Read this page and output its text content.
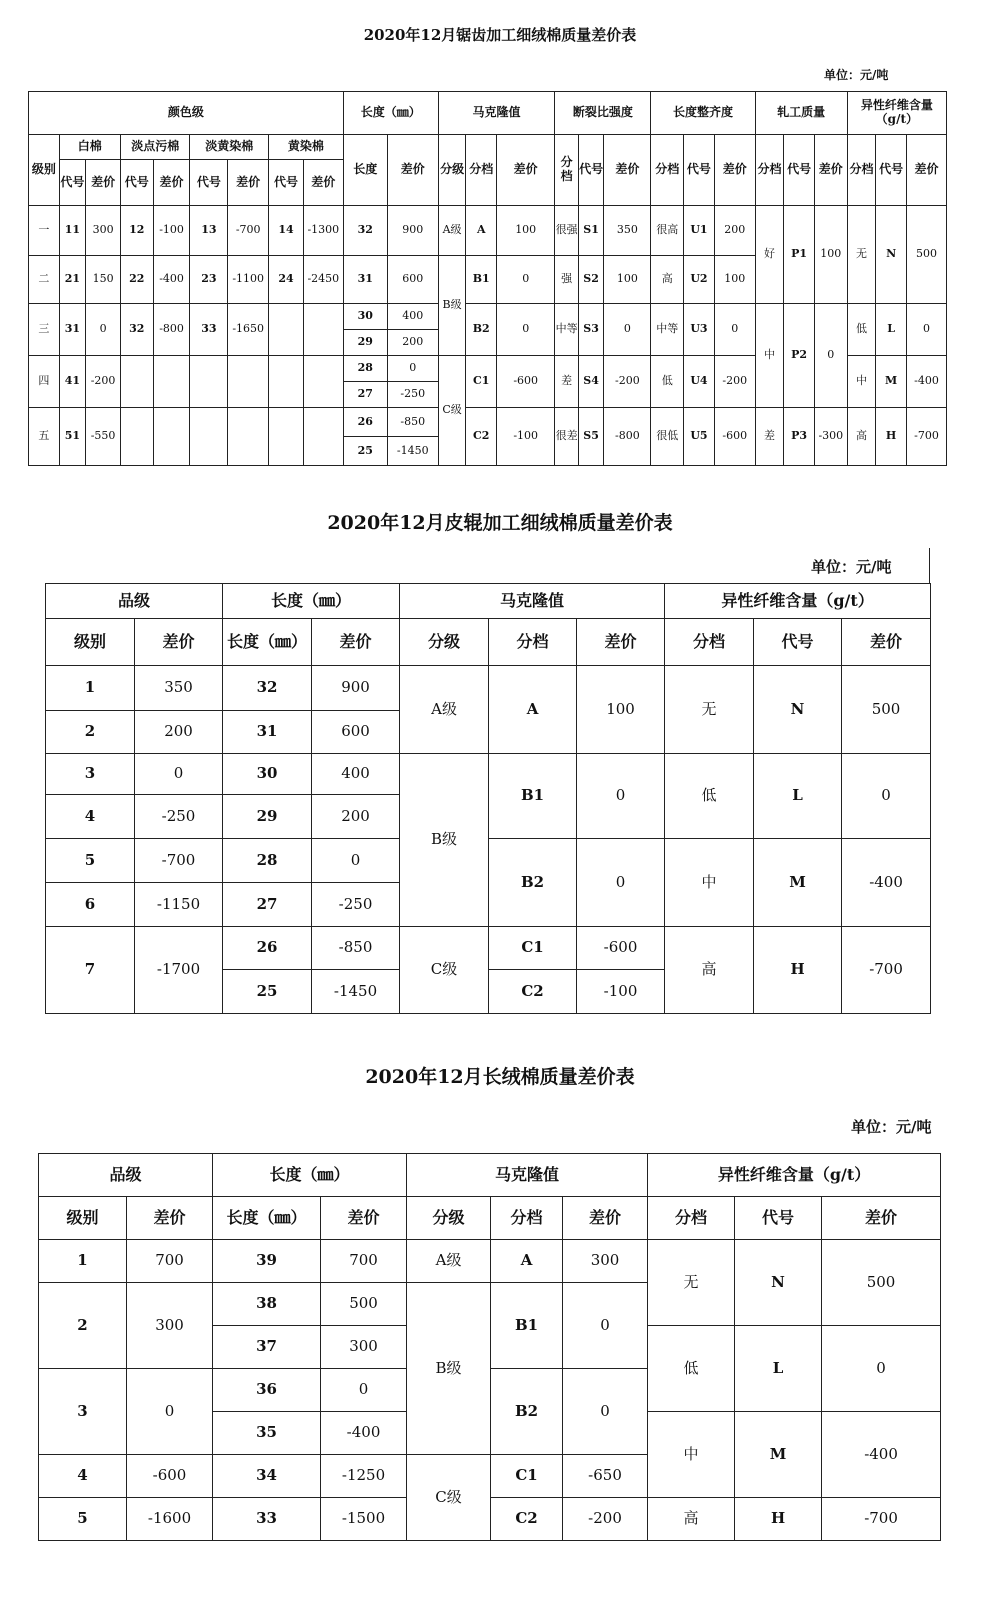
2020年12月锯齿加工细绒棉质量差价表
单位：元/吨
颜色级									长度（㎜）		马克隆值			断裂比强度			长度整齐度			轧工质量			异性纤维含量（g/t）		
级别	白棉		淡点污棉		淡黄染棉		黄染棉		长度	差价	分级	分档	差价	分档	代号	差价	分档	代号	差价	分档	代号	差价	分档	代号	差价
	代号	差价	代号	差价	代号	差价	代号	差价																	
一	11	300	12	-100	13	-700	14	-1300	32	900	A级	A	100	很强	S1	350	很高	U1	200	好	P1	100	无	N	500

二	21	150	22	-400	23	-1100	24	-2450	31	600	B级	B1	0	强	S2	100	高	U2	100						

三	31	0	32	-800	33	-1650			30	400		B2	0	中等	S3	0	中等	U3	0	中	P2	0	低	L	0
									29	200															
四	41	-200							28	0	C级	C1	-600	差	S4	-200	低	U4	-200				中	M	-400
									27	-250															
五	51	-550							26	-850		C2	-100	很差	S5	-800	很低	U5	-600	差	P3	-300	高	H	-700
									25	-1450															
2020年12月皮辊加工细绒棉质量差价表
单位：元/吨
品级		长度（㎜）		马克隆值			异性纤维含量（g/t）		
级别	差价	长度（㎜）	差价	分级	分档	差价	分档	代号	差价
1	350	32	900	A级	A	100	无	N	500
2	200	31	600						
3	0	30	400	B级	B1	0	低	L	0
4	-250	29	200						
5	-700	28	0		B2	0	中	M	-400
6	-1150	27	-250						
7	-1700	26	-850	C级	C1	-600	高	H	-700
		25	-1450		C2	-100			
2020年12月长绒棉质量差价表
单位：元/吨
品级		长度（㎜）		马克隆值			异性纤维含量（g/t）		
级别	差价	长度（㎜）	差价	分级	分档	差价	分档	代号	差价
1	700	39	700	A级	A	300	无	N	500
2	300	38	500	B级	B1	0			
		37	300				低	L	0
3	0	36	0		B2	0			
		35	-400				中	M	-400
4	-600	34	-1250	C级	C1	-650			
5	-1600	33	-1500		C2	-200	高	H	-700
